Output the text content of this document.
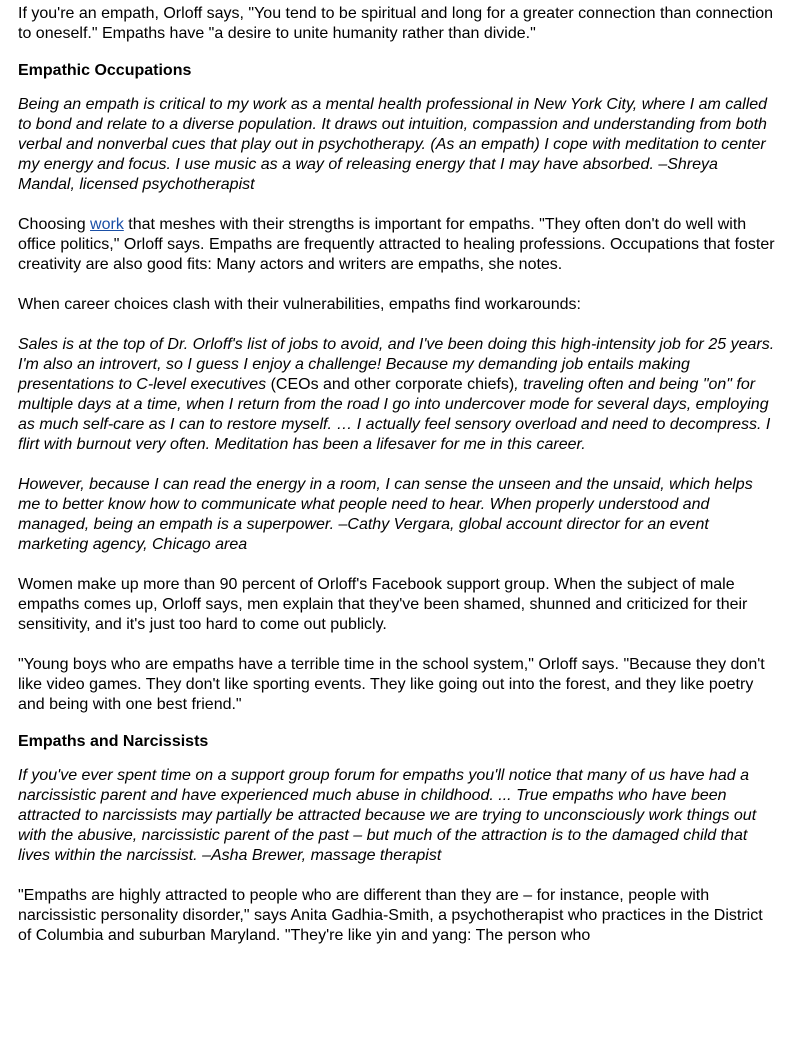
If you're an empath, Orloff says, "You tend to be spiritual and long for a greater connection than connection to oneself." Empaths have "a desire to unite humanity rather than divide."

Empathic Occupations

Being an empath is critical to my work as a mental health professional in New York City, where I am called to bond and relate to a diverse population. It draws out intuition, compassion and understanding from both verbal and nonverbal cues that play out in psychotherapy. (As an empath) I cope with meditation to center my energy and focus. I use music as a way of releasing energy that I may have absorbed. –Shreya Mandal, licensed psychotherapist

Choosing work that meshes with their strengths is important for empaths. "They often don't do well with office politics," Orloff says. Empaths are frequently attracted to healing professions. Occupations that foster creativity are also good fits: Many actors and writers are empaths, she notes.

When career choices clash with their vulnerabilities, empaths find workarounds:

Sales is at the top of Dr. Orloff's list of jobs to avoid, and I've been doing this high-intensity job for 25 years. I'm also an introvert, so I guess I enjoy a challenge! Because my demanding job entails making presentations to C-level executives (CEOs and other corporate chiefs), traveling often and being "on" for multiple days at a time, when I return from the road I go into undercover mode for several days, employing as much self-care as I can to restore myself. … I actually feel sensory overload and need to decompress. I flirt with burnout very often. Meditation has been a lifesaver for me in this career.

However, because I can read the energy in a room, I can sense the unseen and the unsaid, which helps me to better know how to communicate what people need to hear. When properly understood and managed, being an empath is a superpower. –Cathy Vergara, global account director for an event marketing agency, Chicago area

Women make up more than 90 percent of Orloff's Facebook support group. When the subject of male empaths comes up, Orloff says, men explain that they've been shamed, shunned and criticized for their sensitivity, and it's just too hard to come out publicly.

"Young boys who are empaths have a terrible time in the school system," Orloff says. "Because they don't like video games. They don't like sporting events. They like going out into the forest, and they like poetry and being with one best friend."

Empaths and Narcissists

If you've ever spent time on a support group forum for empaths you'll notice that many of us have had a narcissistic parent and have experienced much abuse in childhood. ... True empaths who have been attracted to narcissists may partially be attracted because we are trying to unconsciously work things out with the abusive, narcissistic parent of the past – but much of the attraction is to the damaged child that lives within the narcissist. –Asha Brewer, massage therapist

"Empaths are highly attracted to people who are different than they are – for instance, people with narcissistic personality disorder," says Anita Gadhia-Smith, a psychotherapist who practices in the District of Columbia and suburban Maryland. "They're like yin and yang: The person who
